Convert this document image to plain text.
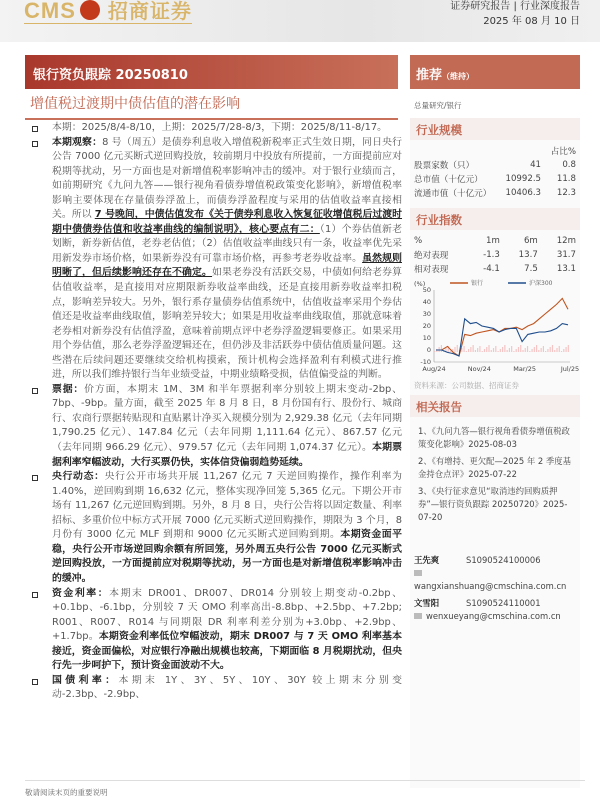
CMS 招商证券	证券研究报告 | 行业深度报告
2025 年 08 月 10 日
银行资负跟踪 20250810	推荐（维持）
增值税过渡期中债估值的潜在影响	总量研究/银行
本期：2025/8/4-8/10，上期：2025/7/28-8/3，下期：2025/8/11-8/17。
本期观察：8 号（周五）是债券利息收入增值税新税率正式生效日期，同日央行公告 7000 亿元买断式逆回购投放，较前期月中投放有所提前，一方面提前应对税期等扰动，另一方面也是对新增值税率影响冲击的缓冲。对于银行业绩而言，如前期研究《九问九答——银行视角看债券增值税政策变化影响》，新增值税率影响主要体现在存量债券浮盈上，而债券浮盈程度与采用的估值收益率直接相关。所以 7 号晚间，中债估值发布《关于债券利息收入恢复征收增值税后过渡时期中债债券估值和收益率曲线的编制说明》，核心要点有二：（1）个券估值新老划断，新券新估值，老券老估值；（2）估值收益率曲线只有一条，收益率优先采用新发券市场价格，如果新券没有可靠市场价格，再参考老券收益率。虽然规则明晰了，但后续影响还存在不确定。如果老券没有活跃交易，中债如何给老券算估值收益率，是直接用对应期限新券收益率曲线，还是直接用新券收益率扣税点，影响差异较大。另外，银行系存量债券估值系统中，估值收益率采用个券估值还是收益率曲线取值，影响差异较大；如果是用收益率曲线取值，那就意味着老券相对新券没有估值浮盈，意味着前期点评中老券浮盈逻辑要修正。如果采用用个券估值，那么老券浮盈逻辑还在，但仍涉及非活跃券中债估值质量问题。这些潜在后续问题还要继续交给机构摸索，预计机构会选择盈利有利模式进行推进，所以我们维持银行当年业绩受益，中期业绩略受损，估值偏受益的判断。
票据：价方面，本期末 1M、3M 和半年票据利率分别较上期末变动-2bp、7bp、-9bp。量方面，截至 2025 年 8 月 8 日，8 月份国有行、股份行、城商行、农商行票据转贴现和直贴累计净买入规模分别为 2,929.38 亿元（去年同期 1,790.25 亿元）、147.84 亿元（去年同期 1,111.64 亿元）、867.57 亿元（去年同期 966.29 亿元）、979.57 亿元（去年同期 1,074.37 亿元）。本期票据利率窄幅波动，大行买票仍快，实体信贷偏弱趋势延续。
央行动态：央行公开市场共开展 11,267 亿元 7 天逆回购操作，操作利率为 1.40%，逆回购到期 16,632 亿元，整体实现净回笼 5,365 亿元。下期公开市场有 11,267 亿元逆回购到期。另外，8 月 8 日，央行公告将以固定数量、利率招标、多重价位中标方式开展 7000 亿元买断式逆回购操作，期限为 3 个月，8 月份有 3000 亿元 MLF 到期和 9000 亿元买断式逆回购到期。本期资金面平稳，央行公开市场逆回购余额有所回笼，另外周五央行公告 7000 亿元买断式逆回购投放，一方面提前应对税期等扰动，另一方面也是对新增值税率影响冲击的缓冲。
资金利率：本期末 DR001、DR007、DR014 分别较上期变动-0.2bp、+0.1bp、-6.1bp，分别较 7 天 OMO 利率高出-8.8bp、+2.5bp、+7.2bp; R001、R007、R014 与同期限 DR 利率利差分别为+3.0bp、+2.9bp、+1.7bp。本期资金利率低位窄幅波动，期末 DR007 与 7 天 OMO 利率基本接近，资金面偏松，对应银行净融出规模也较高，下期面临 8 月税期扰动，但央行先一步呵护下，预计资金面波动不大。
国债利率：本期末 1Y、3Y、5Y、10Y、30Y 较上期末分别变动-2.3bp、-2.9bp、
行业规模
		占比%
股票家数（只）	41	0.8
总市值（十亿元）	10992.5	11.8
流通市值（十亿元）	10406.3	12.3
行业指数
%	1m	6m	12m
绝对表现	-1.3	13.7	31.7
相对表现	-4.1	7.5	13.1
(%)
50
40
30
20
10
0
-10
Aug/24	Nov/24	Mar/25	Jul/25
银行	沪深300
资料来源：公司数据、招商证券
相关报告
1、《九问九答—银行视角看债券增值税政策变化影响》2025-08-03
2、《有增持、更欠配—2025 年 2 季度基金持仓点评》2025-07-22
3、《央行征求意见“取消违约回购质押券”—银行资负跟踪 20250720》2025-07-20
王先爽	S1090524100006
wangxianshuang@cmschina.com.cn
文雪阳	S1090524110001
wenxueyang@cmschina.com.cn
敬请阅读末页的重要说明
